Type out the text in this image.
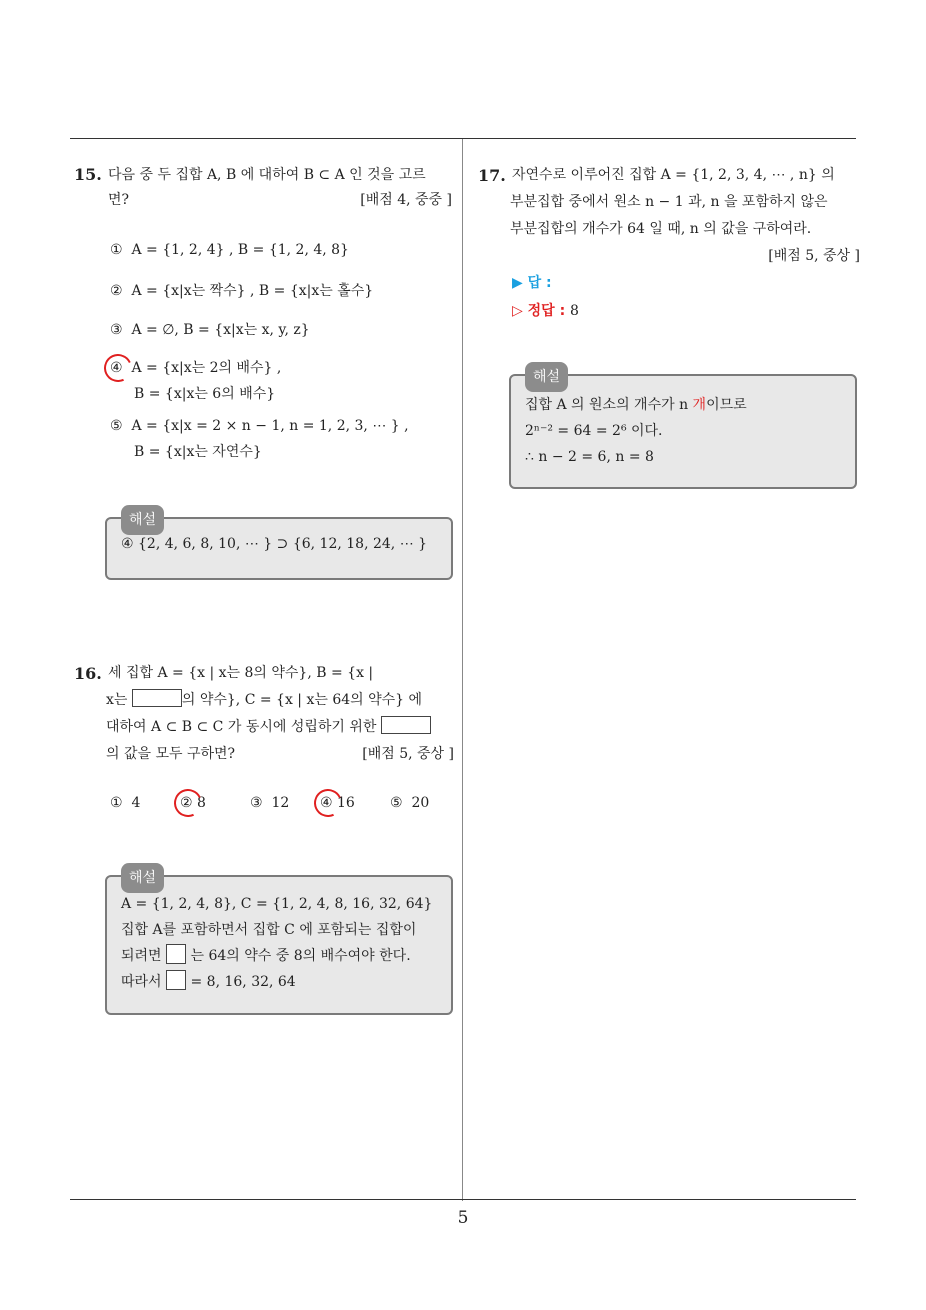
5
15. 다음 중 두 집합 A, B 에 대하여 B ⊂ A 인 것을 고르
면?	[배점 4, 중중 ]
① A = {1, 2, 4} , B = {1, 2, 4, 8}
② A = {x|x는 짝수} , B = {x|x는 홀수}
③ A = ∅, B = {x|x는 x, y, z}
④ A = {x|x는 2의 배수} ,
B = {x|x는 6의 배수}
⑤ A = {x|x = 2 × n − 1, n = 1, 2, 3, ⋯ } ,
B = {x|x는 자연수}
해설
④ {2, 4, 6, 8, 10, ⋯ } ⊃ {6, 12, 18, 24, ⋯ }
16. 세 집합 A = {x | x는 8의 약수}, B = {x |
x는	의 약수}, C = {x | x는 64의 약수} 에
대하여 A ⊂ B ⊂ C 가 동시에 성립하기 위한
의 값을 모두 구하면?	[배점 5, 중상 ]
① 4	② 8	③ 12 ④ 16	⑤ 20
해설
A = {1, 2, 4, 8}, C = {1, 2, 4, 8, 16, 32, 64}
집합 A를 포함하면서 집합 C 에 포함되는 집합이
되려면 는 64의 약수 중 8의 배수여야 한다.
따라서 = 8, 16, 32, 64
17. 자연수로 이루어진 집합 A = {1, 2, 3, 4, ⋯ , n} 의
부분집합 중에서 원소 n − 1 과, n 을 포함하지 않은
부분집합의 개수가 64 일 때, n 의 값을 구하여라.
[배점 5, 중상 ]
▶ 답 :
▷ 정답 : 8
해설
집합 A 의 원소의 개수가 n 개이므로
2ⁿ⁻² = 64 = 2⁶ 이다.
∴ n − 2 = 6, n = 8
